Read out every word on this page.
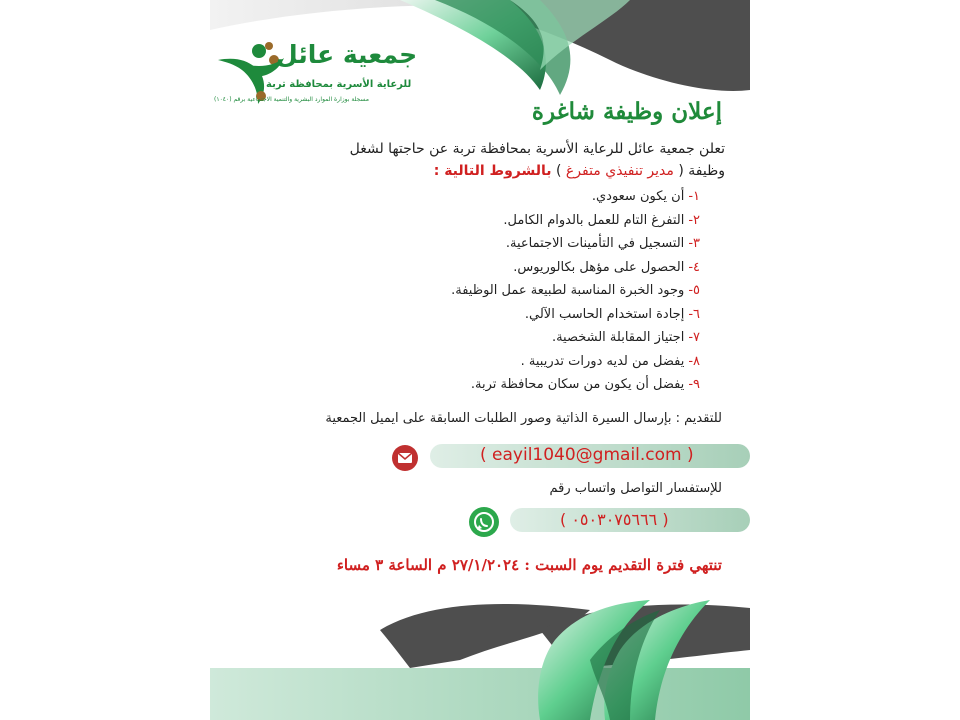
جمعية عائل
للرعاية الأسرية بمحافظة تربة
مسجلة بوزارة الموارد البشرية والتنمية الاجتماعية برقم (١٠٤٠)	إعلان وظيفة شاغرة
تعلن جمعية عائل للرعاية الأسرية بمحافظة تربة عن حاجتها لشغل
وظيفة ( مدير تنفيذي متفرغ ) بالشروط التالية :
١-أن يكون سعودي.
٢-التفرغ التام للعمل بالدوام الكامل.
٣-التسجيل في التأمينات الاجتماعية.
٤-الحصول على مؤهل بكالوريوس.
٥-وجود الخبرة المناسبة لطبيعة عمل الوظيفة.
٦-إجادة استخدام الحاسب الآلي.
٧-اجتياز المقابلة الشخصية.
٨-يفضل من لديه دورات تدريبية .
٩-يفضل أن يكون من سكان محافظة تربة.
للتقديم : بإرسال السيرة الذاتية وصور الطلبات السابقة على ايميل الجمعية
( eayil1040@gmail.com )
للإستفسار التواصل واتساب رقم
( ٠٥٠٣٠٧٥٦٦٦ )
تنتهي فترة التقديم يوم السبت : ٢٧/١/٢٠٢٤ م الساعة ٣ مساء
